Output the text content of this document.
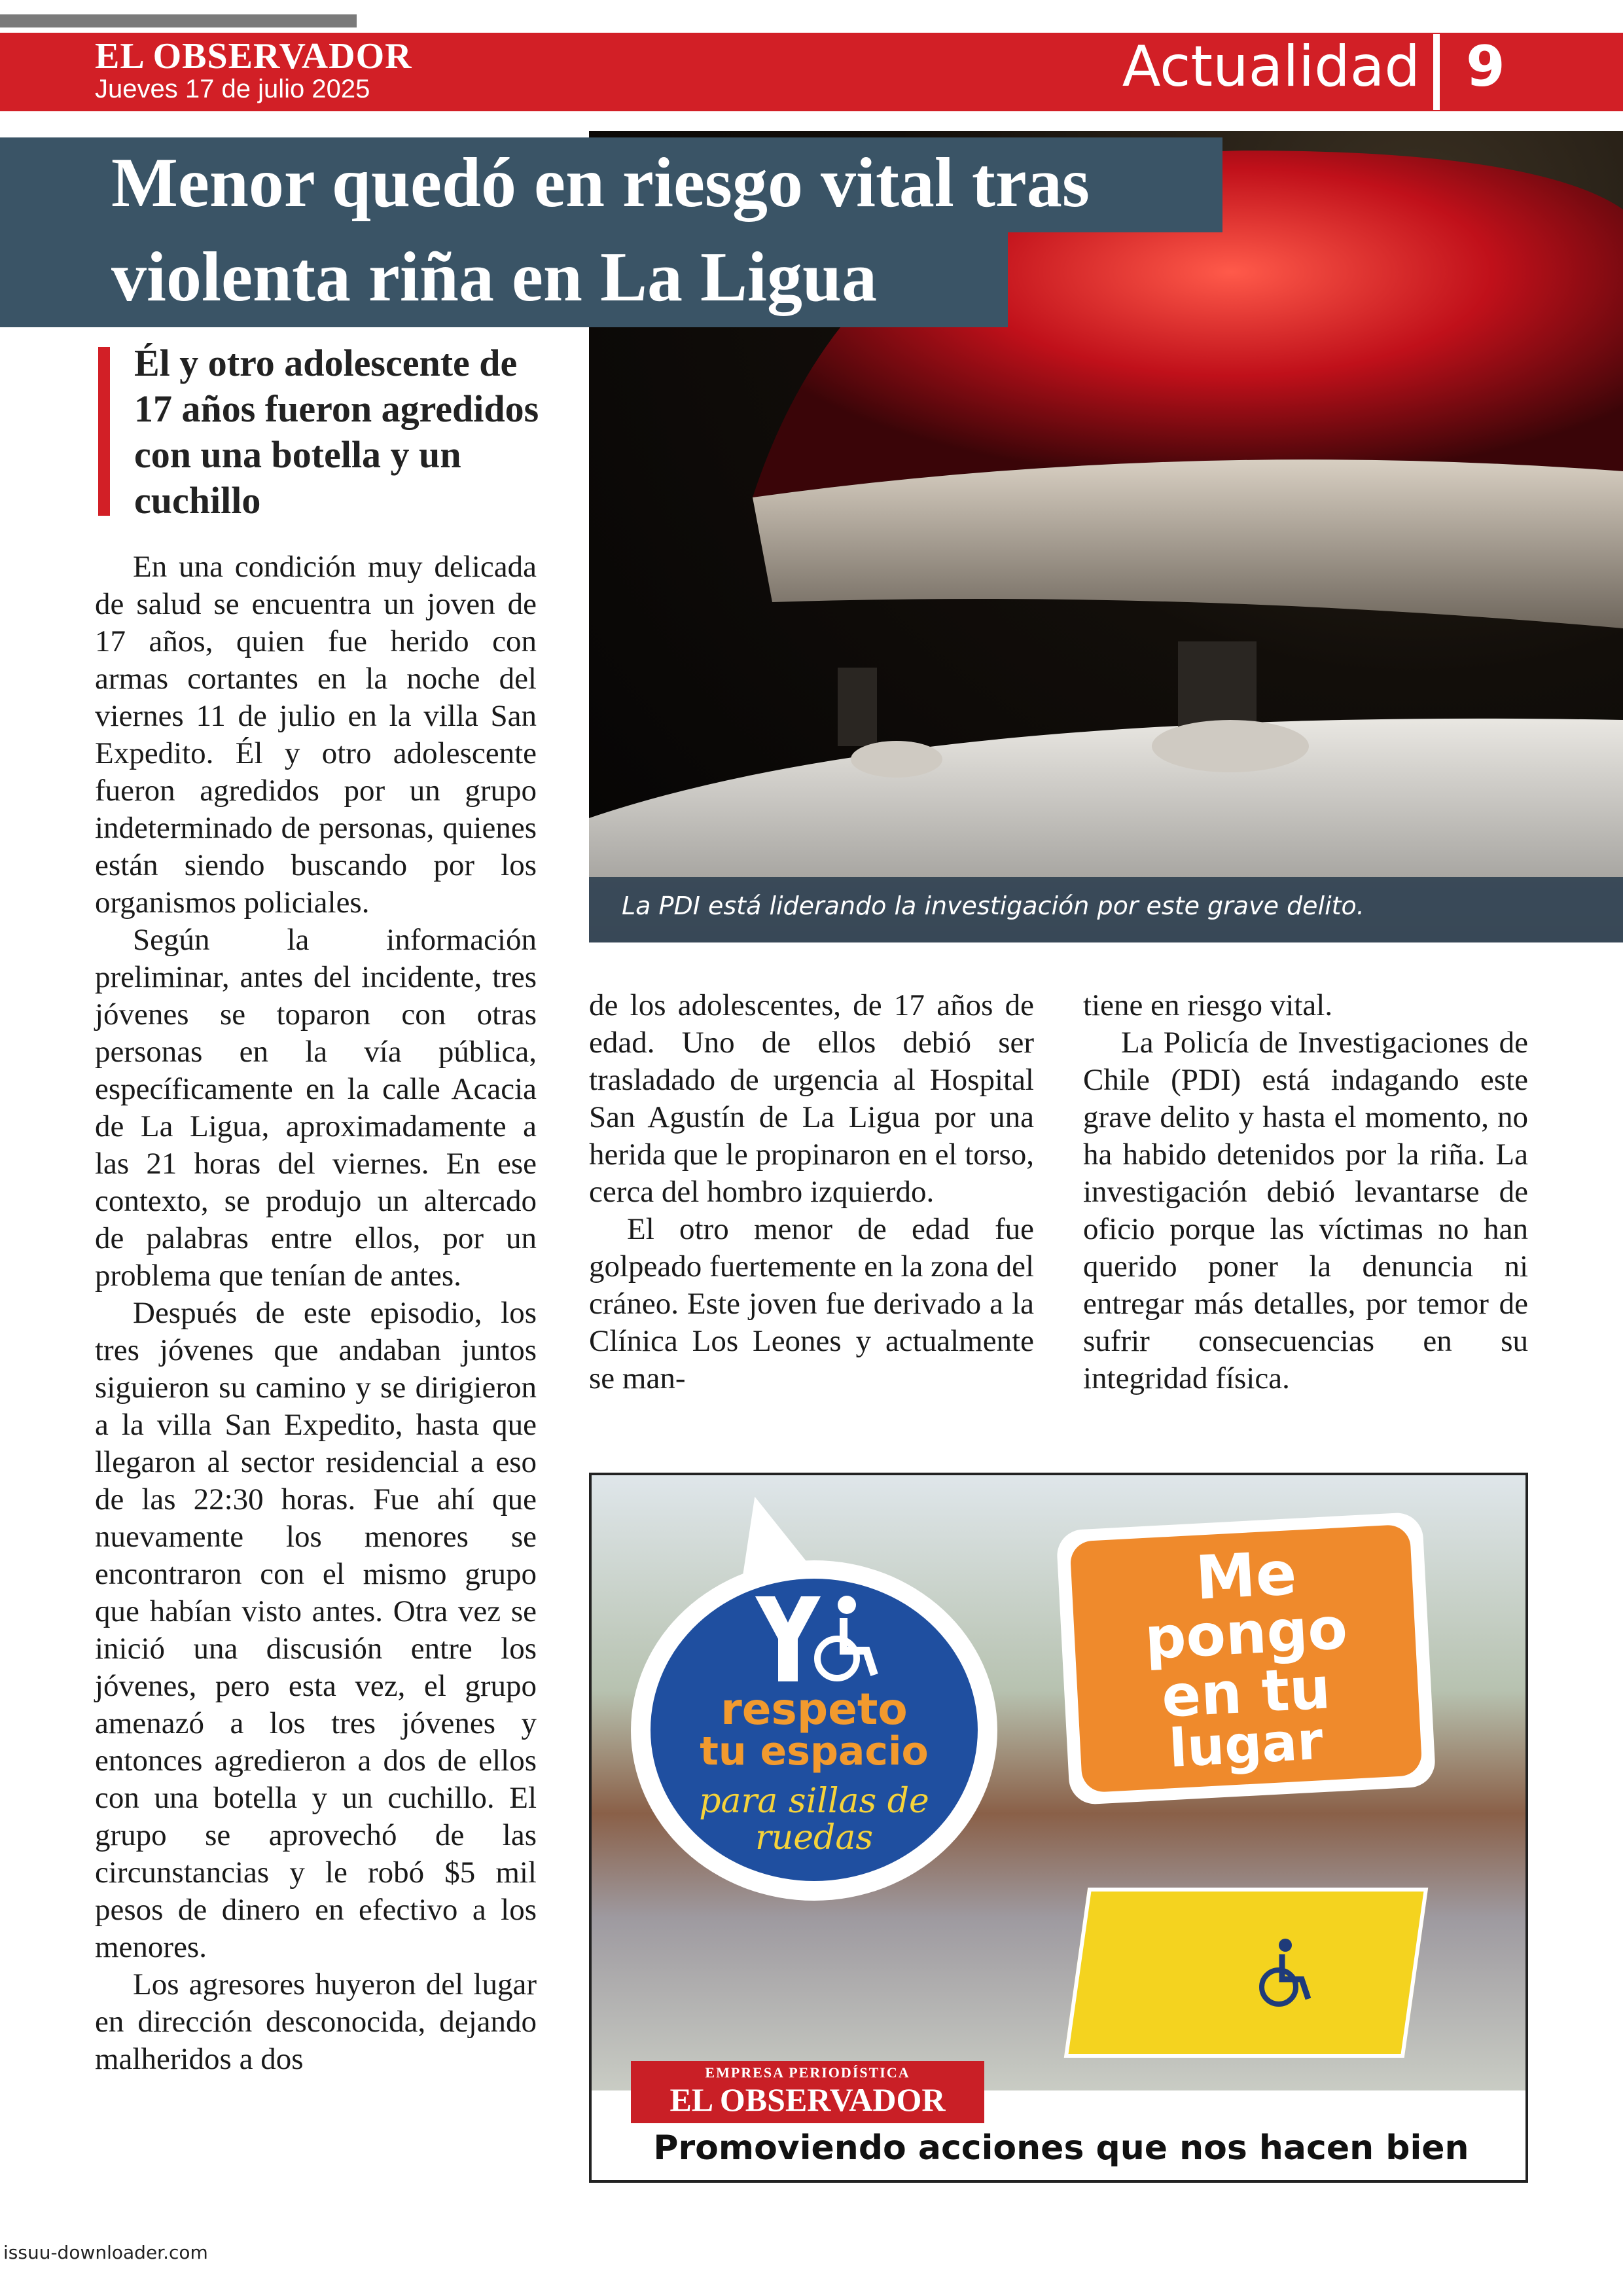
EL OBSERVADOR
Jueves 17 de julio 2025	Actualidad 9
La PDI está liderando la investigación por este grave delito.
Menor quedó en riesgo vital tras
violenta riña en La Ligua
Él y otro adolescente de 17 años fueron agredidos con una botella y un cuchillo

En una condición muy delicada de salud se encuentra un joven de 17 años, quien fue herido con armas cortantes en la noche del viernes 11 de julio en la villa San Expedito. Él y otro adolescente fueron agredidos por un grupo indeterminado de personas, quienes están siendo buscando por los organismos policiales.

Según la información preliminar, antes del incidente, tres jóvenes se toparon con otras personas en la vía pública, específicamente en la calle Acacia de La Ligua, aproximadamente a las 21 horas del viernes. En ese contexto, se produjo un altercado de palabras entre ellos, por un problema que tenían de antes.

Después de este episodio, los tres jóvenes que andaban juntos siguieron su camino y se dirigieron a la villa San Expedito, hasta que llegaron al sector residencial a eso de las 22:30 horas. Fue ahí que nuevamente los menores se encontraron con el mismo grupo que habían visto antes. Otra vez se inició una discusión entre los jóvenes, pero esta vez, el grupo amenazó a los tres jóvenes y entonces agredieron a dos de ellos con una botella y un cuchillo. El grupo se aprovechó de las circunstancias y le robó $5 mil pesos de dinero en efectivo a los menores.

Los agresores huyeron del lugar en dirección desconocida, dejando malheridos a dos

de los adolescentes, de 17 años de edad. Uno de ellos debió ser trasladado de urgencia al Hospital San Agustín de La Ligua por una herida que le propinaron en el torso, cerca del hombro izquierdo.

El otro menor de edad fue golpeado fuertemente en la zona del cráneo. Este joven fue derivado a la Clínica Los Leones y actualmente se man-

tiene en riesgo vital.

La Policía de Investigaciones de Chile (PDI) está indagando este grave delito y hasta el momento, no ha habido detenidos por la riña. La investigación debió levantarse de oficio porque las víctimas no han querido poner la denuncia ni entregar más detalles, por temor de sufrir consecuencias en su integridad física.

respeto
tu espacio
para sillas de ruedas
Me
pongo
en tu
lugar
EMPRESA PERIODÍSTICA
EL OBSERVADOR
Promoviendo acciones que nos hacen bien
issuu-downloader.com
